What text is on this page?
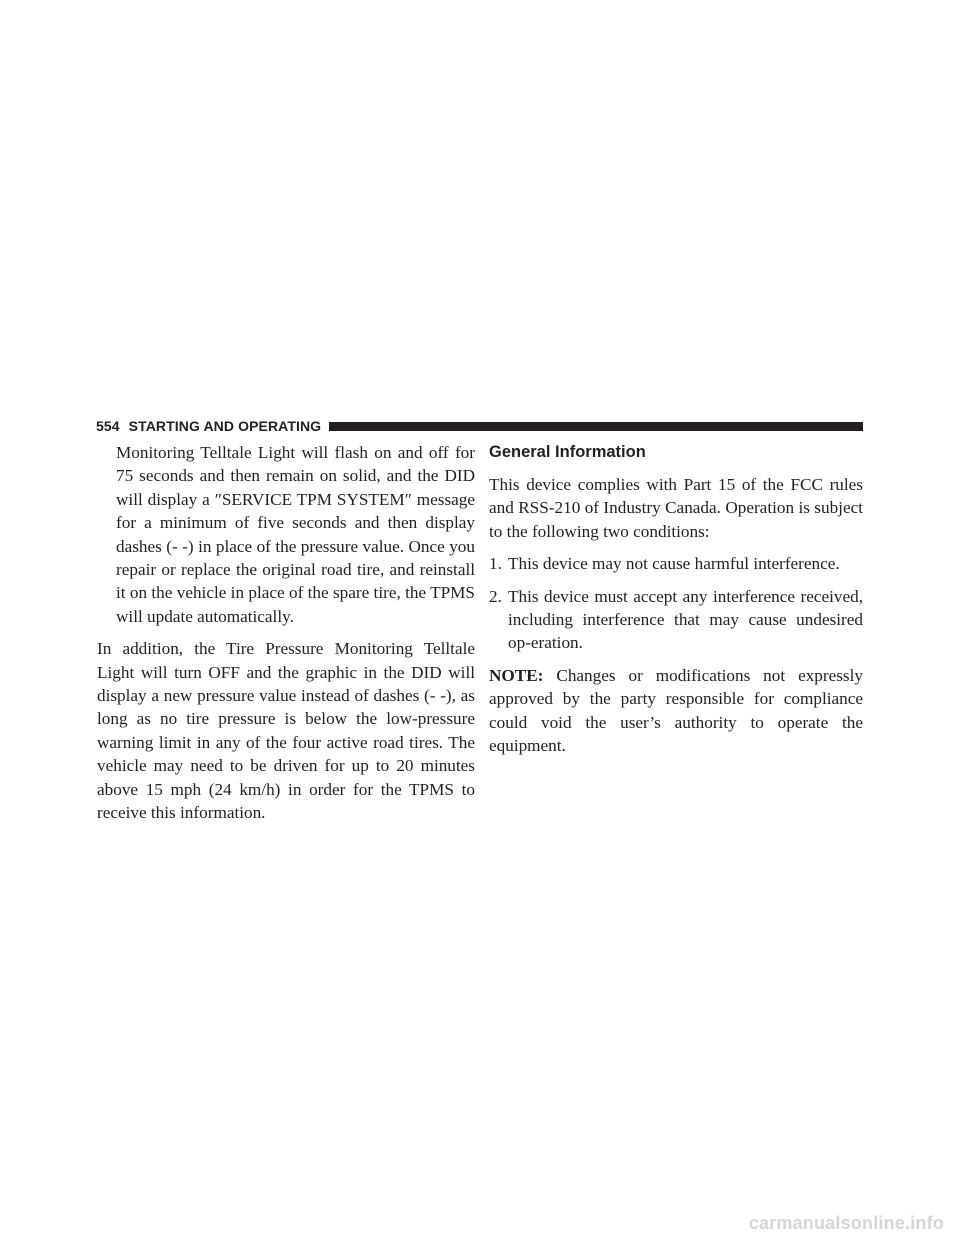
554 STARTING AND OPERATING

Monitoring Telltale Light will flash on and off for 75 seconds and then remain on solid, and the DID will display a ″SERVICE TPM SYSTEM″ message for a minimum of five seconds and then display dashes (- -) in place of the pressure value. Once you repair or replace the original road tire, and reinstall it on the vehicle in place of the spare tire, the TPMS will update automatically.

In addition, the Tire Pressure Monitoring Telltale Light will turn OFF and the graphic in the DID will display a new pressure value instead of dashes (- -), as long as no tire pressure is below the low-pressure warning limit in any of the four active road tires. The vehicle may need to be driven for up to 20 minutes above 15 mph (24 km/h) in order for the TPMS to receive this information.

General Information

This device complies with Part 15 of the FCC rules and RSS-210 of Industry Canada. Operation is subject to the following two conditions:

1. This device may not cause harmful interference.
2. This device must accept any interference received, including interference that may cause undesired op-eration.

NOTE: Changes or modifications not expressly approved by the party responsible for compliance could void the user’s authority to operate the equipment.

carmanualsonline.info
